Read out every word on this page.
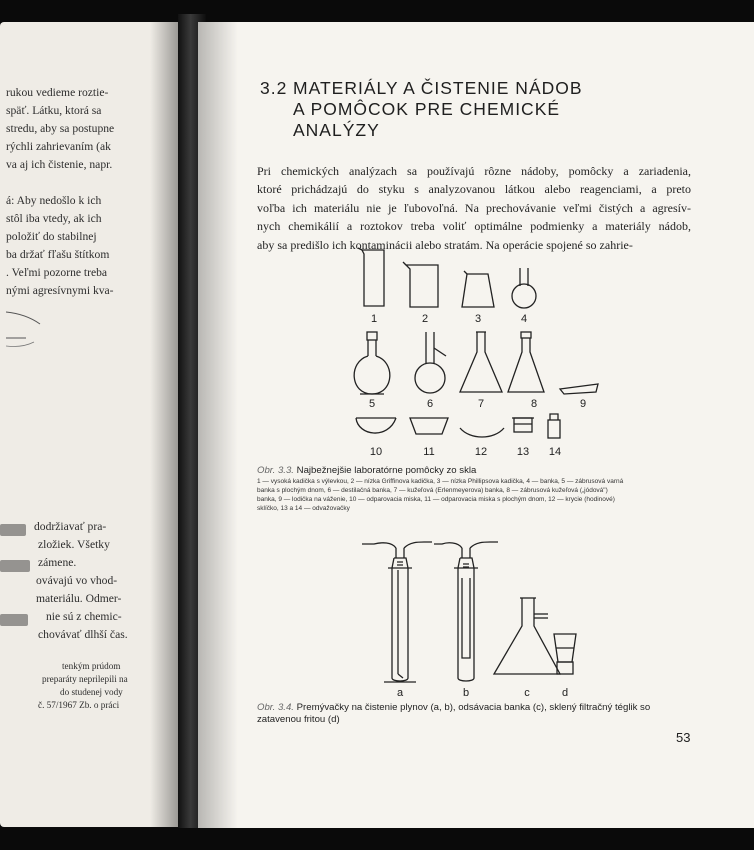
rukou vedieme roztie-
späť. Látku, ktorá sa
stredu, aby sa postupne
rýchli zahrievaním (ak
va aj ich čistenie, napr.
á: Aby nedošlo k ich
stôl iba vtedy, ak ich
položiť do stabilnej
ba držať fľašu štítkom
. Veľmi pozorne treba
nými agresívnymi kva-
dodržiavať pra-
zložiek. Všetky
zámene.
ovávajú vo vhod-
materiálu. Odmer-
nie sú z chemic-
chovávať dlhší čas.
tenkým prúdom
preparáty neprilepili na
do studenej vody
č. 57/1967 Zb. o práci
3.2 MATERIÁLY A ČISTENIE NÁDOB
A POMÔCOK PRE CHEMICKÉ
ANALÝZY
Pri chemických analýzach sa používajú rôzne nádoby, pomôcky a zariadenia,
ktoré prichádzajú do styku s analyzovanou látkou alebo reagenciami, a preto
voľba ich materiálu nie je ľubovoľná. Na prechovávanie veľmi čistých a agresív-
nych chemikálií a roztokov treba voliť optimálne podmienky a materiály nádob,
aby sa predišlo ich kontaminácii alebo stratám. Na operácie spojené so zahrie-
1	2	3	4
5	6	7	8	9
10	11	12	13 14
a	b	c	d
Obr. 3.3. Najbežnejšie laboratórne pomôcky zo skla
1 — vysoká kadička s výlevkou, 2 — nízka Griffinova kadička, 3 — nízka Phillipsova kadička, 4 — banka, 5 — zábrusová varná
banka s plochým dnom, 6 — destilačná banka, 7 — kužeľová (Erlenmeyerova) banka, 8 — zábrusová kužeľová („jódová")
banka, 9 — lodička na váženie, 10 — odparovacia miska, 11 — odparovacia miska s plochým dnom, 12 — krycie (hodinové)
sklíčko, 13 a 14 — odvažovačky
Obr. 3.4. Premývačky na čistenie plynov (a, b), odsávacia banka (c), sklený filtračný téglik so
zatavenou fritou (d)
53
